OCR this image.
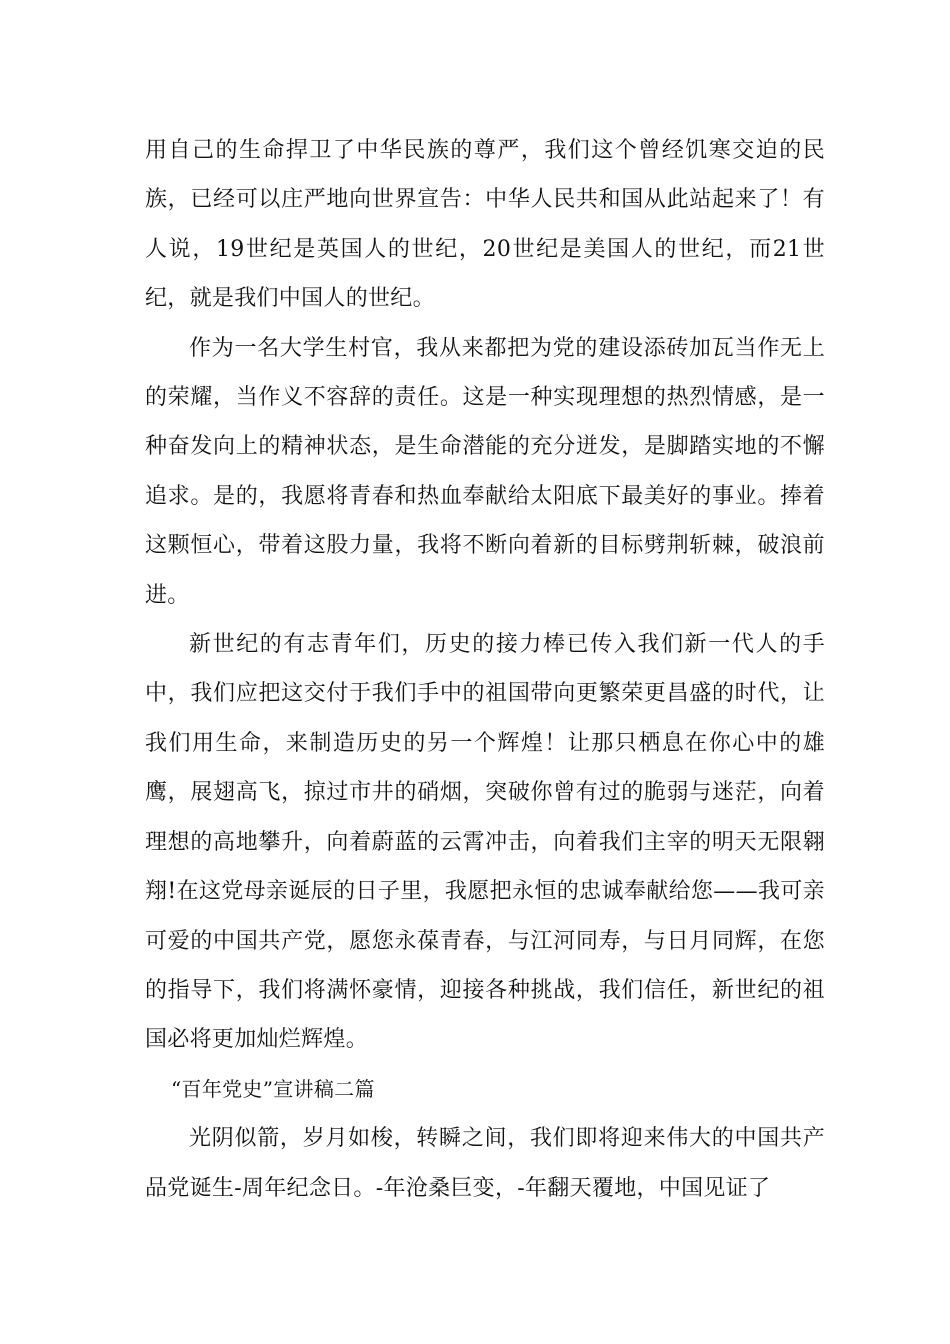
用自己的生命捍卫了中华民族的尊严，我们这个曾经饥寒交迫的民族，已经可以庄严地向世界宣告：中华人民共和国从此站起来了！有人说，19世纪是英国人的世纪，20世纪是美国人的世纪，而21世纪，就是我们中国人的世纪。

作为一名大学生村官，我从来都把为党的建设添砖加瓦当作无上的荣耀，当作义不容辞的责任。这是一种实现理想的热烈情感，是一种奋发向上的精神状态，是生命潜能的充分迸发，是脚踏实地的不懈追求。是的，我愿将青春和热血奉献给太阳底下最美好的事业。捧着这颗恒心，带着这股力量，我将不断向着新的目标劈荆斩棘，破浪前进。

新世纪的有志青年们，历史的接力棒已传入我们新一代人的手中，我们应把这交付于我们手中的祖国带向更繁荣更昌盛的时代，让我们用生命，来制造历史的另一个辉煌！让那只栖息在你心中的雄鹰，展翅高飞，掠过市井的硝烟，突破你曾有过的脆弱与迷茫，向着理想的高地攀升，向着蔚蓝的云霄冲击，向着我们主宰的明天无限翱翔!在这党母亲诞辰的日子里，我愿把永恒的忠诚奉献给您——我可亲可爱的中国共产党，愿您永葆青春，与江河同寿，与日月同辉，在您的指导下，我们将满怀豪情，迎接各种挑战，我们信任，新世纪的祖国必将更加灿烂辉煌。

“百年党史”宣讲稿二篇

光阴似箭，岁月如梭，转瞬之间，我们即将迎来伟大的中国共产品党诞生-周年纪念日。-年沧桑巨变，-年翻天覆地，中国见证了
